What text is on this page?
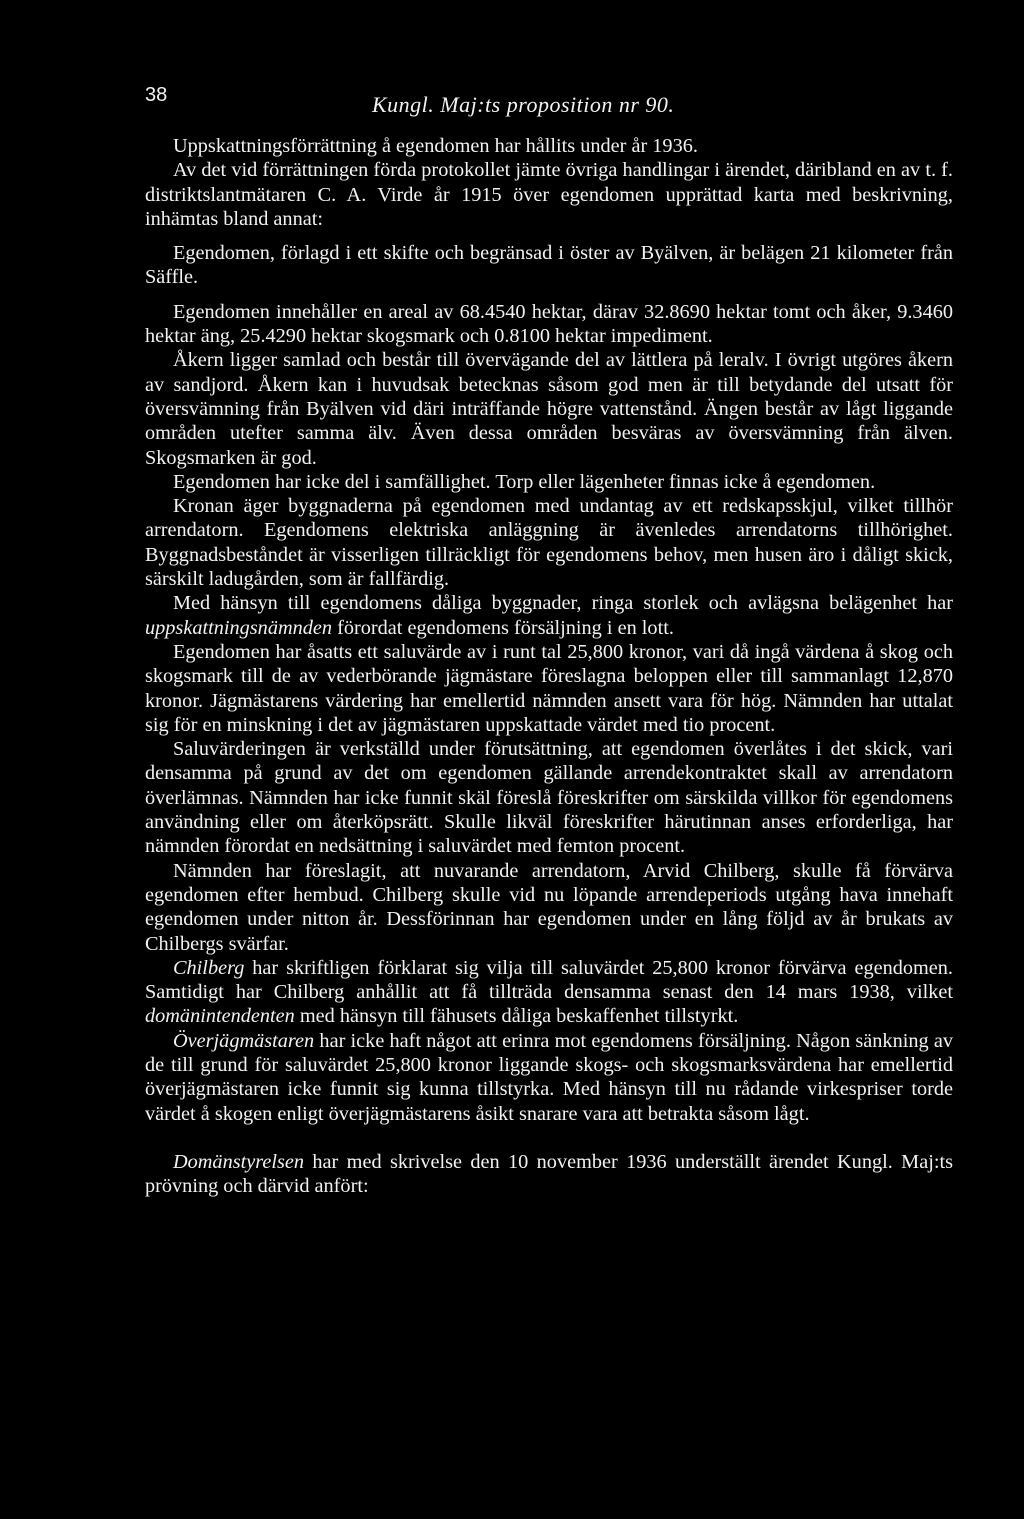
38	Kungl. Maj:ts proposition nr 90.

Uppskattningsförrättning å egendomen har hållits under år 1936.

Av det vid förrättningen förda protokollet jämte övriga handlingar i ärendet, däribland en av t. f. distriktslantmätaren C. A. Virde år 1915 över egendomen upprättad karta med beskrivning, inhämtas bland annat:

Egendomen, förlagd i ett skifte och begränsad i öster av Byälven, är belägen 21 kilometer från Säffle.

Egendomen innehåller en areal av 68.4540 hektar, därav 32.8690 hektar tomt och åker, 9.3460 hektar äng, 25.4290 hektar skogsmark och 0.8100 hektar impediment.

Åkern ligger samlad och består till övervägande del av lättlera på leralv. I övrigt utgöres åkern av sandjord. Åkern kan i huvudsak betecknas såsom god men är till betydande del utsatt för översvämning från Byälven vid däri inträffande högre vattenstånd. Ängen består av lågt liggande områden utefter samma älv. Även dessa områden besväras av översvämning från älven. Skogsmarken är god.

Egendomen har icke del i samfällighet. Torp eller lägenheter finnas icke å egendomen.

Kronan äger byggnaderna på egendomen med undantag av ett redskapsskjul, vilket tillhör arrendatorn. Egendomens elektriska anläggning är ävenledes arrendatorns tillhörighet. Byggnadsbeståndet är visserligen tillräckligt för egendomens behov, men husen äro i dåligt skick, särskilt ladugården, som är fallfärdig.

Med hänsyn till egendomens dåliga byggnader, ringa storlek och avlägsna belägenhet har uppskattningsnämnden förordat egendomens försäljning i en lott.

Egendomen har åsatts ett saluvärde av i runt tal 25,800 kronor, vari då ingå värdena å skog och skogsmark till de av vederbörande jägmästare föreslagna beloppen eller till sammanlagt 12,870 kronor. Jägmästarens värdering har emellertid nämnden ansett vara för hög. Nämnden har uttalat sig för en minskning i det av jägmästaren uppskattade värdet med tio procent.

Saluvärderingen är verkställd under förutsättning, att egendomen överlåtes i det skick, vari densamma på grund av det om egendomen gällande arrendekontraktet skall av arrendatorn överlämnas. Nämnden har icke funnit skäl föreslå föreskrifter om särskilda villkor för egendomens användning eller om återköpsrätt. Skulle likväl föreskrifter härutinnan anses erforderliga, har nämnden förordat en nedsättning i saluvärdet med femton procent.

Nämnden har föreslagit, att nuvarande arrendatorn, Arvid Chilberg, skulle få förvärva egendomen efter hembud. Chilberg skulle vid nu löpande arrendeperiods utgång hava innehaft egendomen under nitton år. Dessförinnan har egendomen under en lång följd av år brukats av Chilbergs svärfar.

Chilberg har skriftligen förklarat sig vilja till saluvärdet 25,800 kronor förvärva egendomen. Samtidigt har Chilberg anhållit att få tillträda densamma senast den 14 mars 1938, vilket domänintendenten med hänsyn till fähusets dåliga beskaffenhet tillstyrkt.

Överjägmästaren har icke haft något att erinra mot egendomens försäljning. Någon sänkning av de till grund för saluvärdet 25,800 kronor liggande skogs- och skogsmarksvärdena har emellertid överjägmästaren icke funnit sig kunna tillstyrka. Med hänsyn till nu rådande virkespriser torde värdet å skogen enligt överjägmästarens åsikt snarare vara att betrakta såsom lågt.

Domänstyrelsen har med skrivelse den 10 november 1936 underställt ärendet Kungl. Maj:ts prövning och därvid anfört:
